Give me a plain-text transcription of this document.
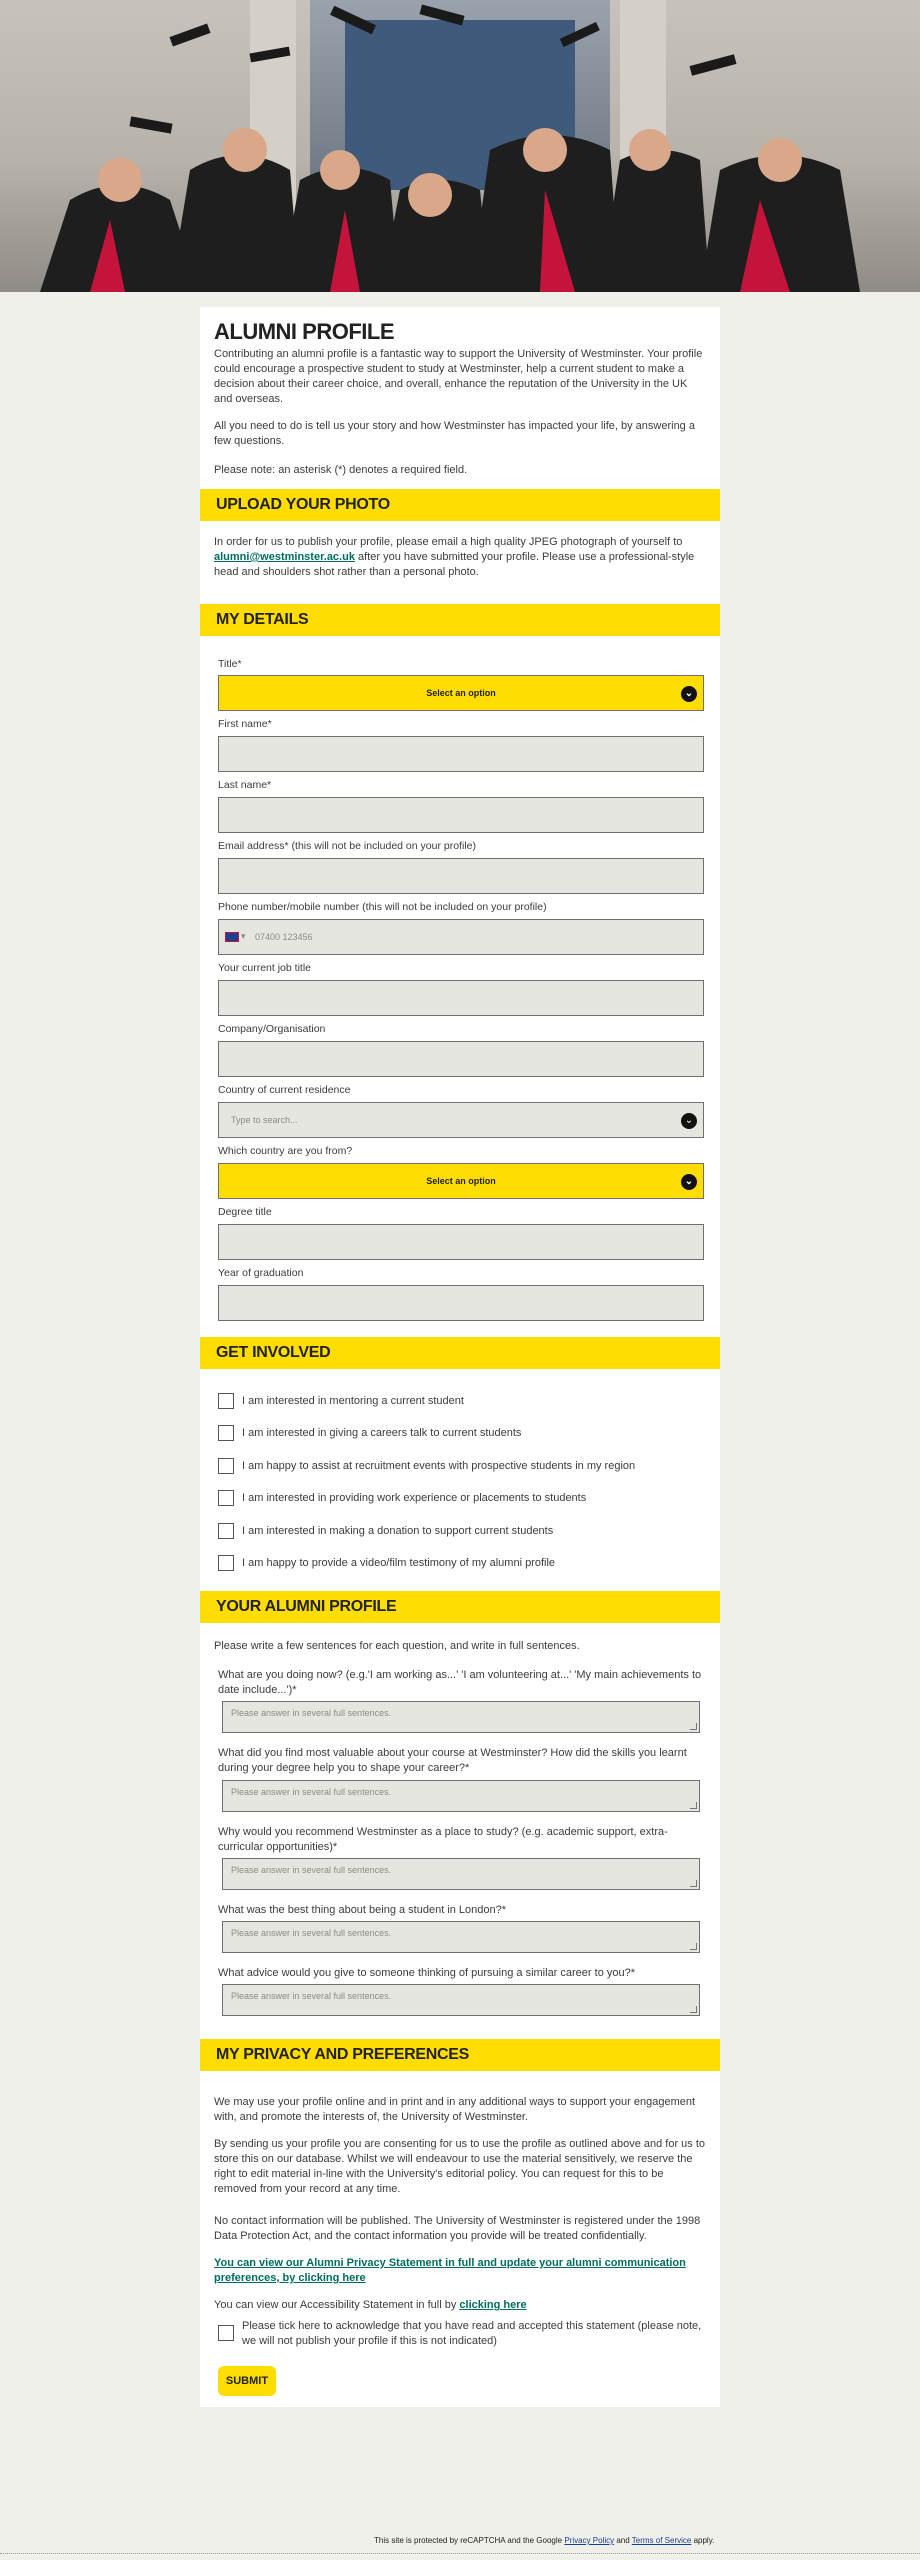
ALUMNI PROFILE

Contributing an alumni profile is a fantastic way to support the University of Westminster. Your profile could encourage a prospective student to study at Westminster, help a current student to make a decision about their career choice, and overall, enhance the reputation of the University in the UK and overseas.

All you need to do is tell us your story and how Westminster has impacted your life, by answering a few questions.

Please note: an asterisk (*) denotes a required field.

UPLOAD YOUR PHOTO

In order for us to publish your profile, please email a high quality JPEG photograph of yourself to alumni@westminster.ac.uk after you have submitted your profile. Please use a professional-style head and shoulders shot rather than a personal photo.

MY DETAILS
Title*
Select an option	⌄
First name*
Last name*
Email address* (this will not be included on your profile)
Phone number/mobile number (this will not be included on your profile)
▾ 07400 123456
Your current job title
Company/Organisation
Country of current residence
Type to search...	⌄
Which country are you from?
Select an option	⌄
Degree title
Year of graduation
GET INVOLVED
I am interested in mentoring a current student
I am interested in giving a careers talk to current students
I am happy to assist at recruitment events with prospective students in my region
I am interested in providing work experience or placements to students
I am interested in making a donation to support current students
I am happy to provide a video/film testimony of my alumni profile
YOUR ALUMNI PROFILE

Please write a few sentences for each question, and write in full sentences.

What are you doing now? (e.g.'I am working as...' 'I am volunteering at...' 'My main achievements to date include...')*

Please answer in several full sentences.

What did you find most valuable about your course at Westminster? How did the skills you learnt during your degree help you to shape your career?*

Please answer in several full sentences.

Why would you recommend Westminster as a place to study? (e.g. academic support, extra-curricular opportunities)*

Please answer in several full sentences.

What was the best thing about being a student in London?*

Please answer in several full sentences.

What advice would you give to someone thinking of pursuing a similar career to you?*

Please answer in several full sentences.
MY PRIVACY AND PREFERENCES

We may use your profile online and in print and in any additional ways to support your engagement with, and promote the interests of, the University of Westminster.

By sending us your profile you are consenting for us to use the profile as outlined above and for us to store this on our database. Whilst we will endeavour to use the material sensitively, we reserve the right to edit material in-line with the University's editorial policy. You can request for this to be removed from your record at any time.

No contact information will be published. The University of Westminster is registered under the 1998 Data Protection Act, and the contact information you provide will be treated confidentially.

You can view our Alumni Privacy Statement in full and update your alumni communication preferences, by clicking here

You can view our Accessibility Statement in full by clicking here

Please tick here to acknowledge that you have read and accepted this statement (please note, we will not publish your profile if this is not indicated)

SUBMIT
This site is protected by reCAPTCHA and the Google Privacy Policy and Terms of Service apply.
